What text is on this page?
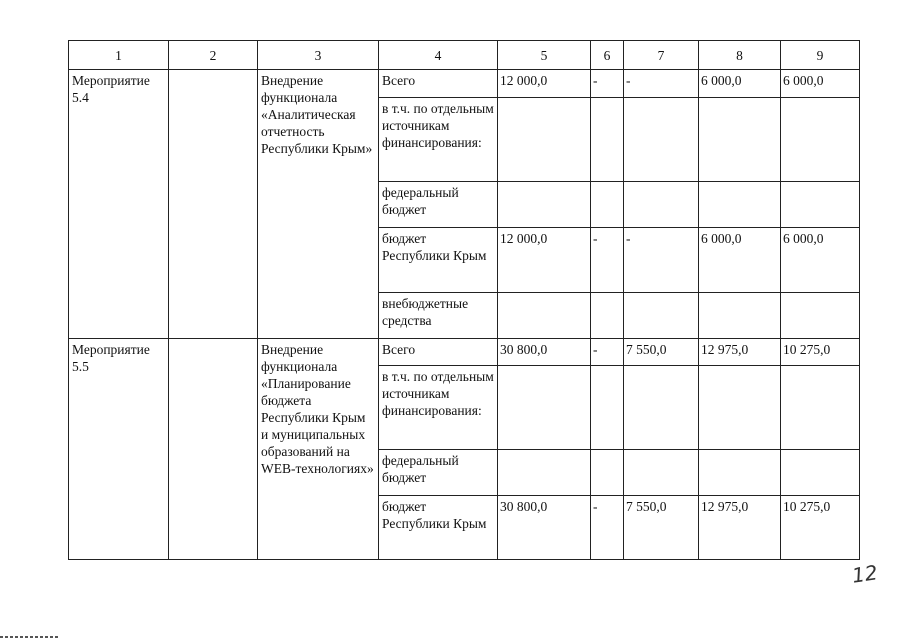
1	2	3	4	5	6	7	8	9
Мероприятие 5.4		Внедрение функционала «Аналитическая отчетность Республики Крым»	Всего	12 000,0	-	-	6 000,0	6 000,0
			в т.ч. по отдельным источникам финансирования:					
			федеральный бюджет					
			бюджет Республики Крым	12 000,0	-	-	6 000,0	6 000,0
			внебюджетные средства					
Мероприятие 5.5		Внедрение функционала «Планирование бюджета Республики Крым и муниципальных образований на WEB-технологиях»	Всего	30 800,0	-	7 550,0	12 975,0	10 275,0
			в т.ч. по отдельным источникам финансирования:					
			федеральный бюджет					
			бюджет Республики Крым	30 800,0	-	7 550,0	12 975,0	10 275,0
12
